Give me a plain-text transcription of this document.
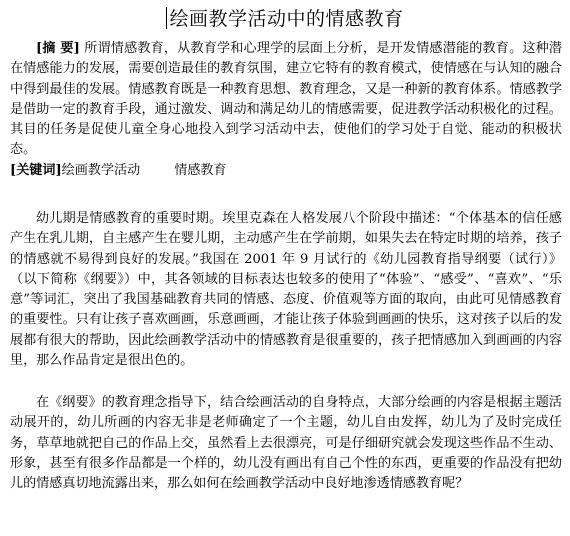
绘画教学活动中的情感教育
[摘 要] 所谓情感教育，从教育学和心理学的层面上分析，是开发情感潜能的教育。这种潜在情感能力的发展，需要创造最佳的教育氛围，建立它特有的教育模式，使情感在与认知的融合中得到最佳的发展。情感教育既是一种教育思想、教育理念，又是一种新的教育体系。情感教学是借助一定的教育手段，通过激发、调动和满足幼儿的情感需要，促进教学活动积极化的过程。其目的任务是促使儿童全身心地投入到学习活动中去，使他们的学习处于自觉、能动的积极状态。
[关键词]绘画教学活动	情感教育
幼儿期是情感教育的重要时期。埃里克森在人格发展八个阶段中描述：“个体基本的信任感产生在乳儿期，自主感产生在婴儿期，主动感产生在学前期，如果失去在特定时期的培养，孩子的情感就不易得到良好的发展。”我国在 2001 年 9 月试行的《幼儿园教育指导纲要（试行）》（以下简称《纲要》）中，其各领域的目标表达也较多的使用了“体验”、“感受”、“喜欢”、“乐意”等词汇，突出了我国基础教育共同的情感、态度、价值观等方面的取向，由此可见情感教育的重要性。只有让孩子喜欢画画，乐意画画，才能让孩子体验到画画的快乐，这对孩子以后的发展都有很大的帮助，因此绘画教学活动中的情感教育是很重要的，孩子把情感加入到画画的内容里，那么作品肯定是很出色的。
在《纲要》的教育理念指导下，结合绘画活动的自身特点，大部分绘画的内容是根据主题活动展开的，幼儿所画的内容无非是老师确定了一个主题，幼儿自由发挥，幼儿为了及时完成任务，草草地就把自己的作品上交，虽然看上去很漂亮，可是仔细研究就会发现这些作品不生动、形象，甚至有很多作品都是一个样的，幼儿没有画出有自己个性的东西，更重要的作品没有把幼儿的情感真切地流露出来，那么如何在绘画教学活动中良好地渗透情感教育呢？
